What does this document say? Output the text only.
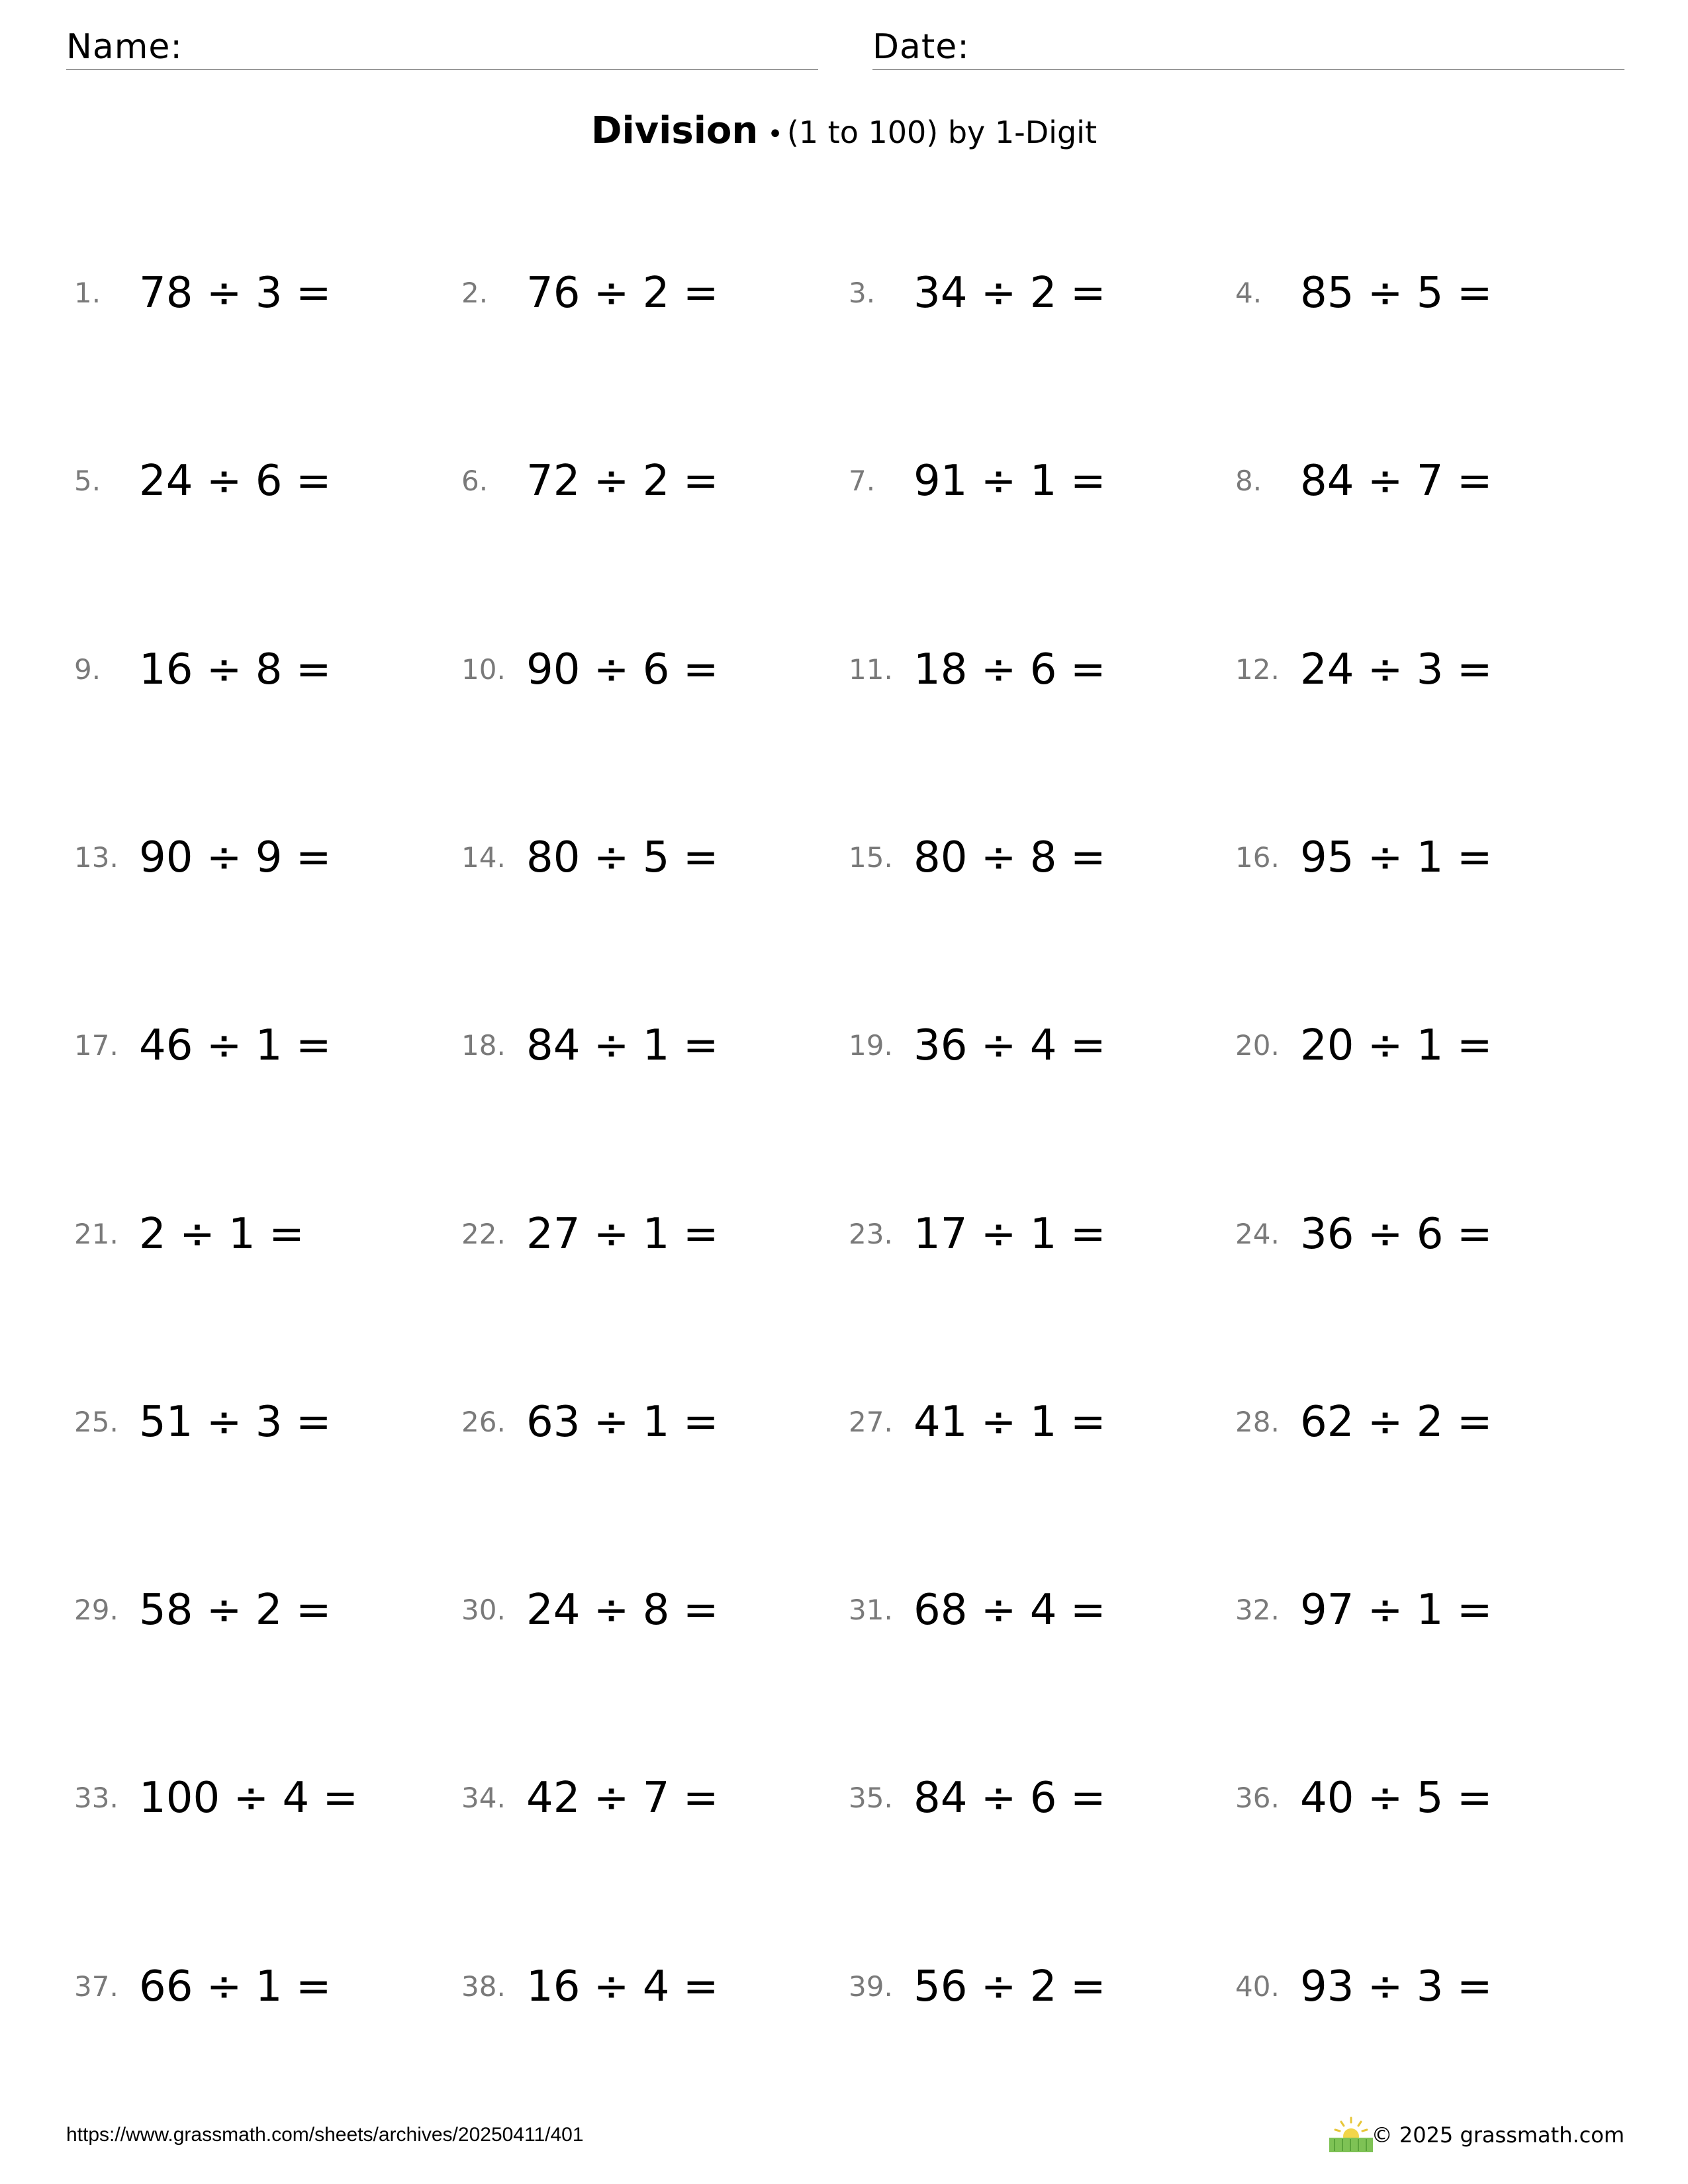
Name:	Date:
Division • (1 to 100) by 1-Digit
1. 78 ÷ 3 =	2. 76 ÷ 2 =	3. 34 ÷ 2 =	4. 85 ÷ 5 =
5. 24 ÷ 6 =	6. 72 ÷ 2 =	7. 91 ÷ 1 =	8. 84 ÷ 7 =
9. 16 ÷ 8 =	10. 90 ÷ 6 =	11. 18 ÷ 6 =	12. 24 ÷ 3 =
13. 90 ÷ 9 =	14. 80 ÷ 5 =	15. 80 ÷ 8 =	16. 95 ÷ 1 =
17. 46 ÷ 1 =	18. 84 ÷ 1 =	19. 36 ÷ 4 =	20. 20 ÷ 1 =
21. 2 ÷ 1 =	22. 27 ÷ 1 =	23. 17 ÷ 1 =	24. 36 ÷ 6 =
25. 51 ÷ 3 =	26. 63 ÷ 1 =	27. 41 ÷ 1 =	28. 62 ÷ 2 =
29. 58 ÷ 2 =	30. 24 ÷ 8 =	31. 68 ÷ 4 =	32. 97 ÷ 1 =
33. 100 ÷ 4 =	34. 42 ÷ 7 =	35. 84 ÷ 6 =	36. 40 ÷ 5 =
37. 66 ÷ 1 =	38. 16 ÷ 4 =	39. 56 ÷ 2 =	40. 93 ÷ 3 =
https://www.grassmath.com/sheets/archives/20250411/401	© 2025 grassmath.com
